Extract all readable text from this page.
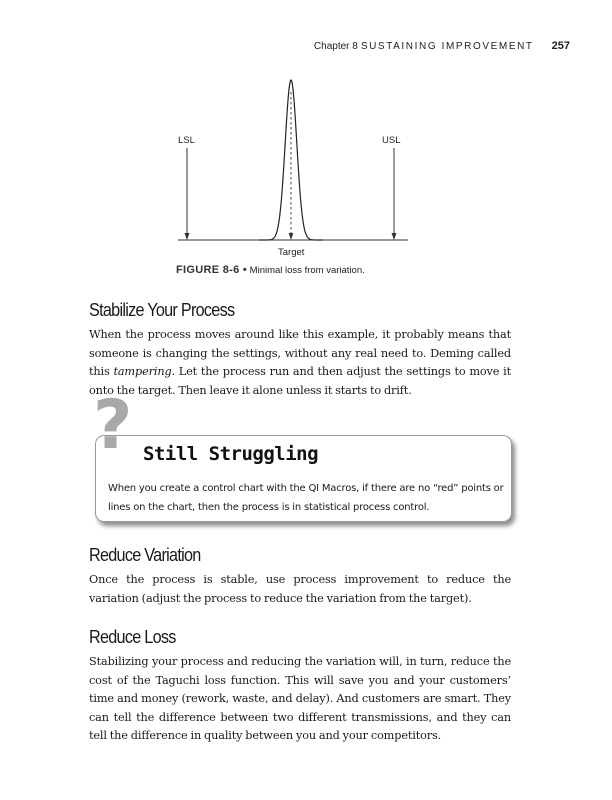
Chapter 8 SUSTAINING IMPROVEMENT 257
LSL	USL
Target
FIGURE 8-6 • Minimal loss from variation.
Stabilize Your Process

When the process moves around like this example, it probably means that someone is changing the settings, without any real need to. Deming called this tampering. Let the process run and then adjust the settings to move it onto the target. Then leave it alone unless it starts to drift.

? Still Struggling

When you create a control chart with the QI Macros, if there are no “red” points or lines on the chart, then the process is in statistical process control.

Reduce Variation

Once the process is stable, use process improvement to reduce the variation (adjust the process to reduce the variation from the target).

Reduce Loss

Stabilizing your process and reducing the variation will, in turn, reduce the cost of the Taguchi loss function. This will save you and your customers’ time and money (rework, waste, and delay). And customers are smart. They can tell the difference between two different transmissions, and they can tell the difference in quality between you and your competitors.
